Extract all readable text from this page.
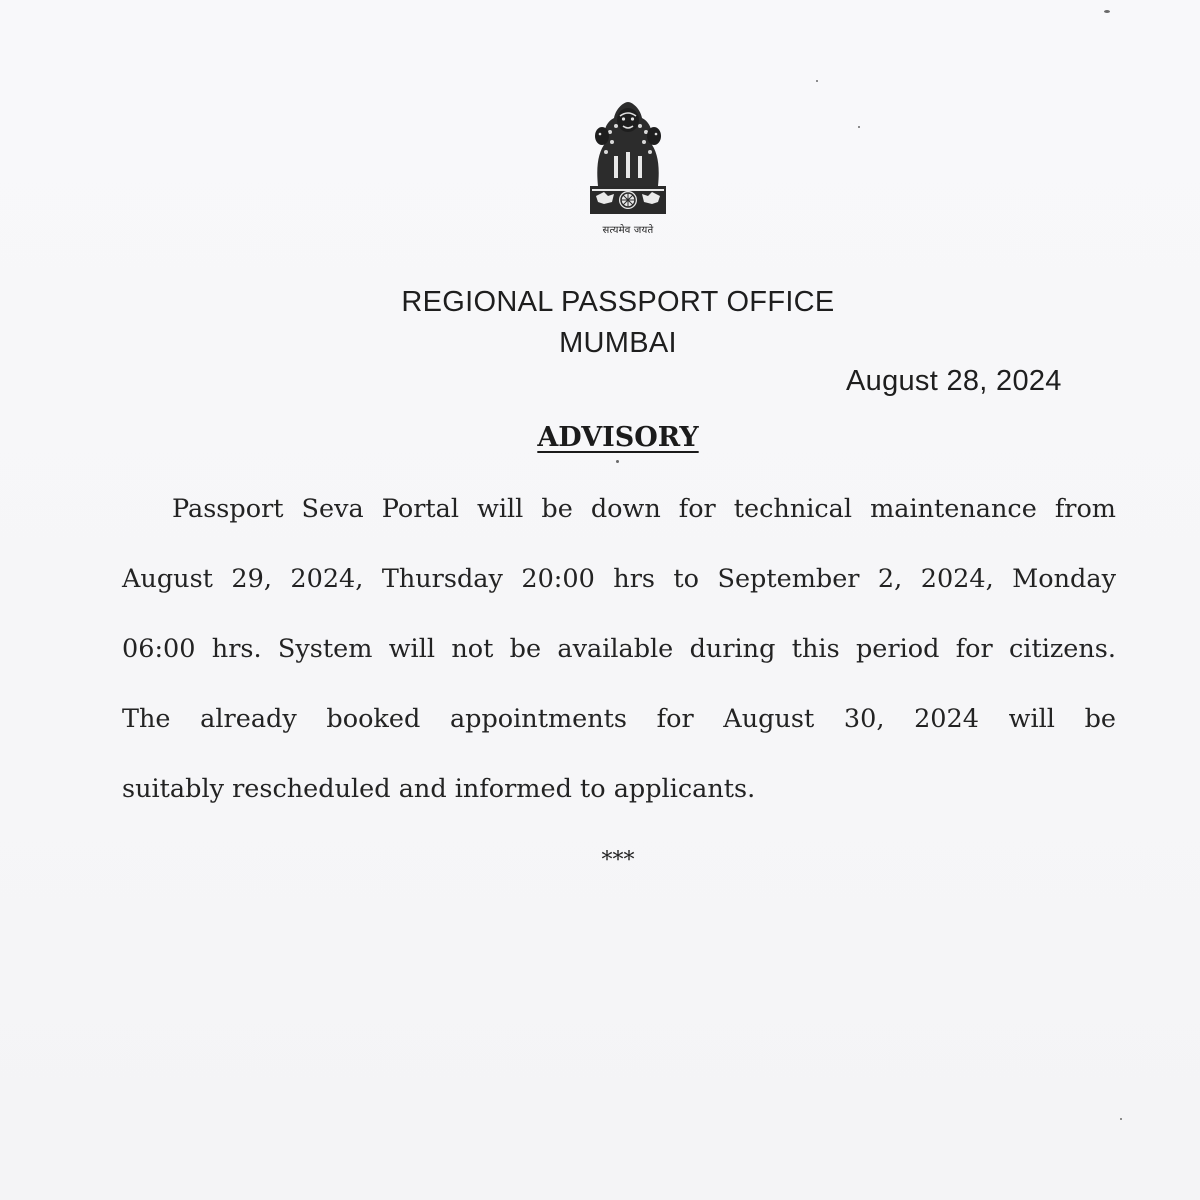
सत्यमेव जयते
REGIONAL PASSPORT OFFICE
MUMBAI
August 28, 2024
ADVISORY
Passport Seva Portal will be down for technical maintenance from
August 29, 2024, Thursday 20:00 hrs to September 2, 2024, Monday
06:00 hrs. System will not be available during this period for citizens.
The already booked appointments for August 30, 2024 will be
suitably rescheduled and informed to applicants.
***
